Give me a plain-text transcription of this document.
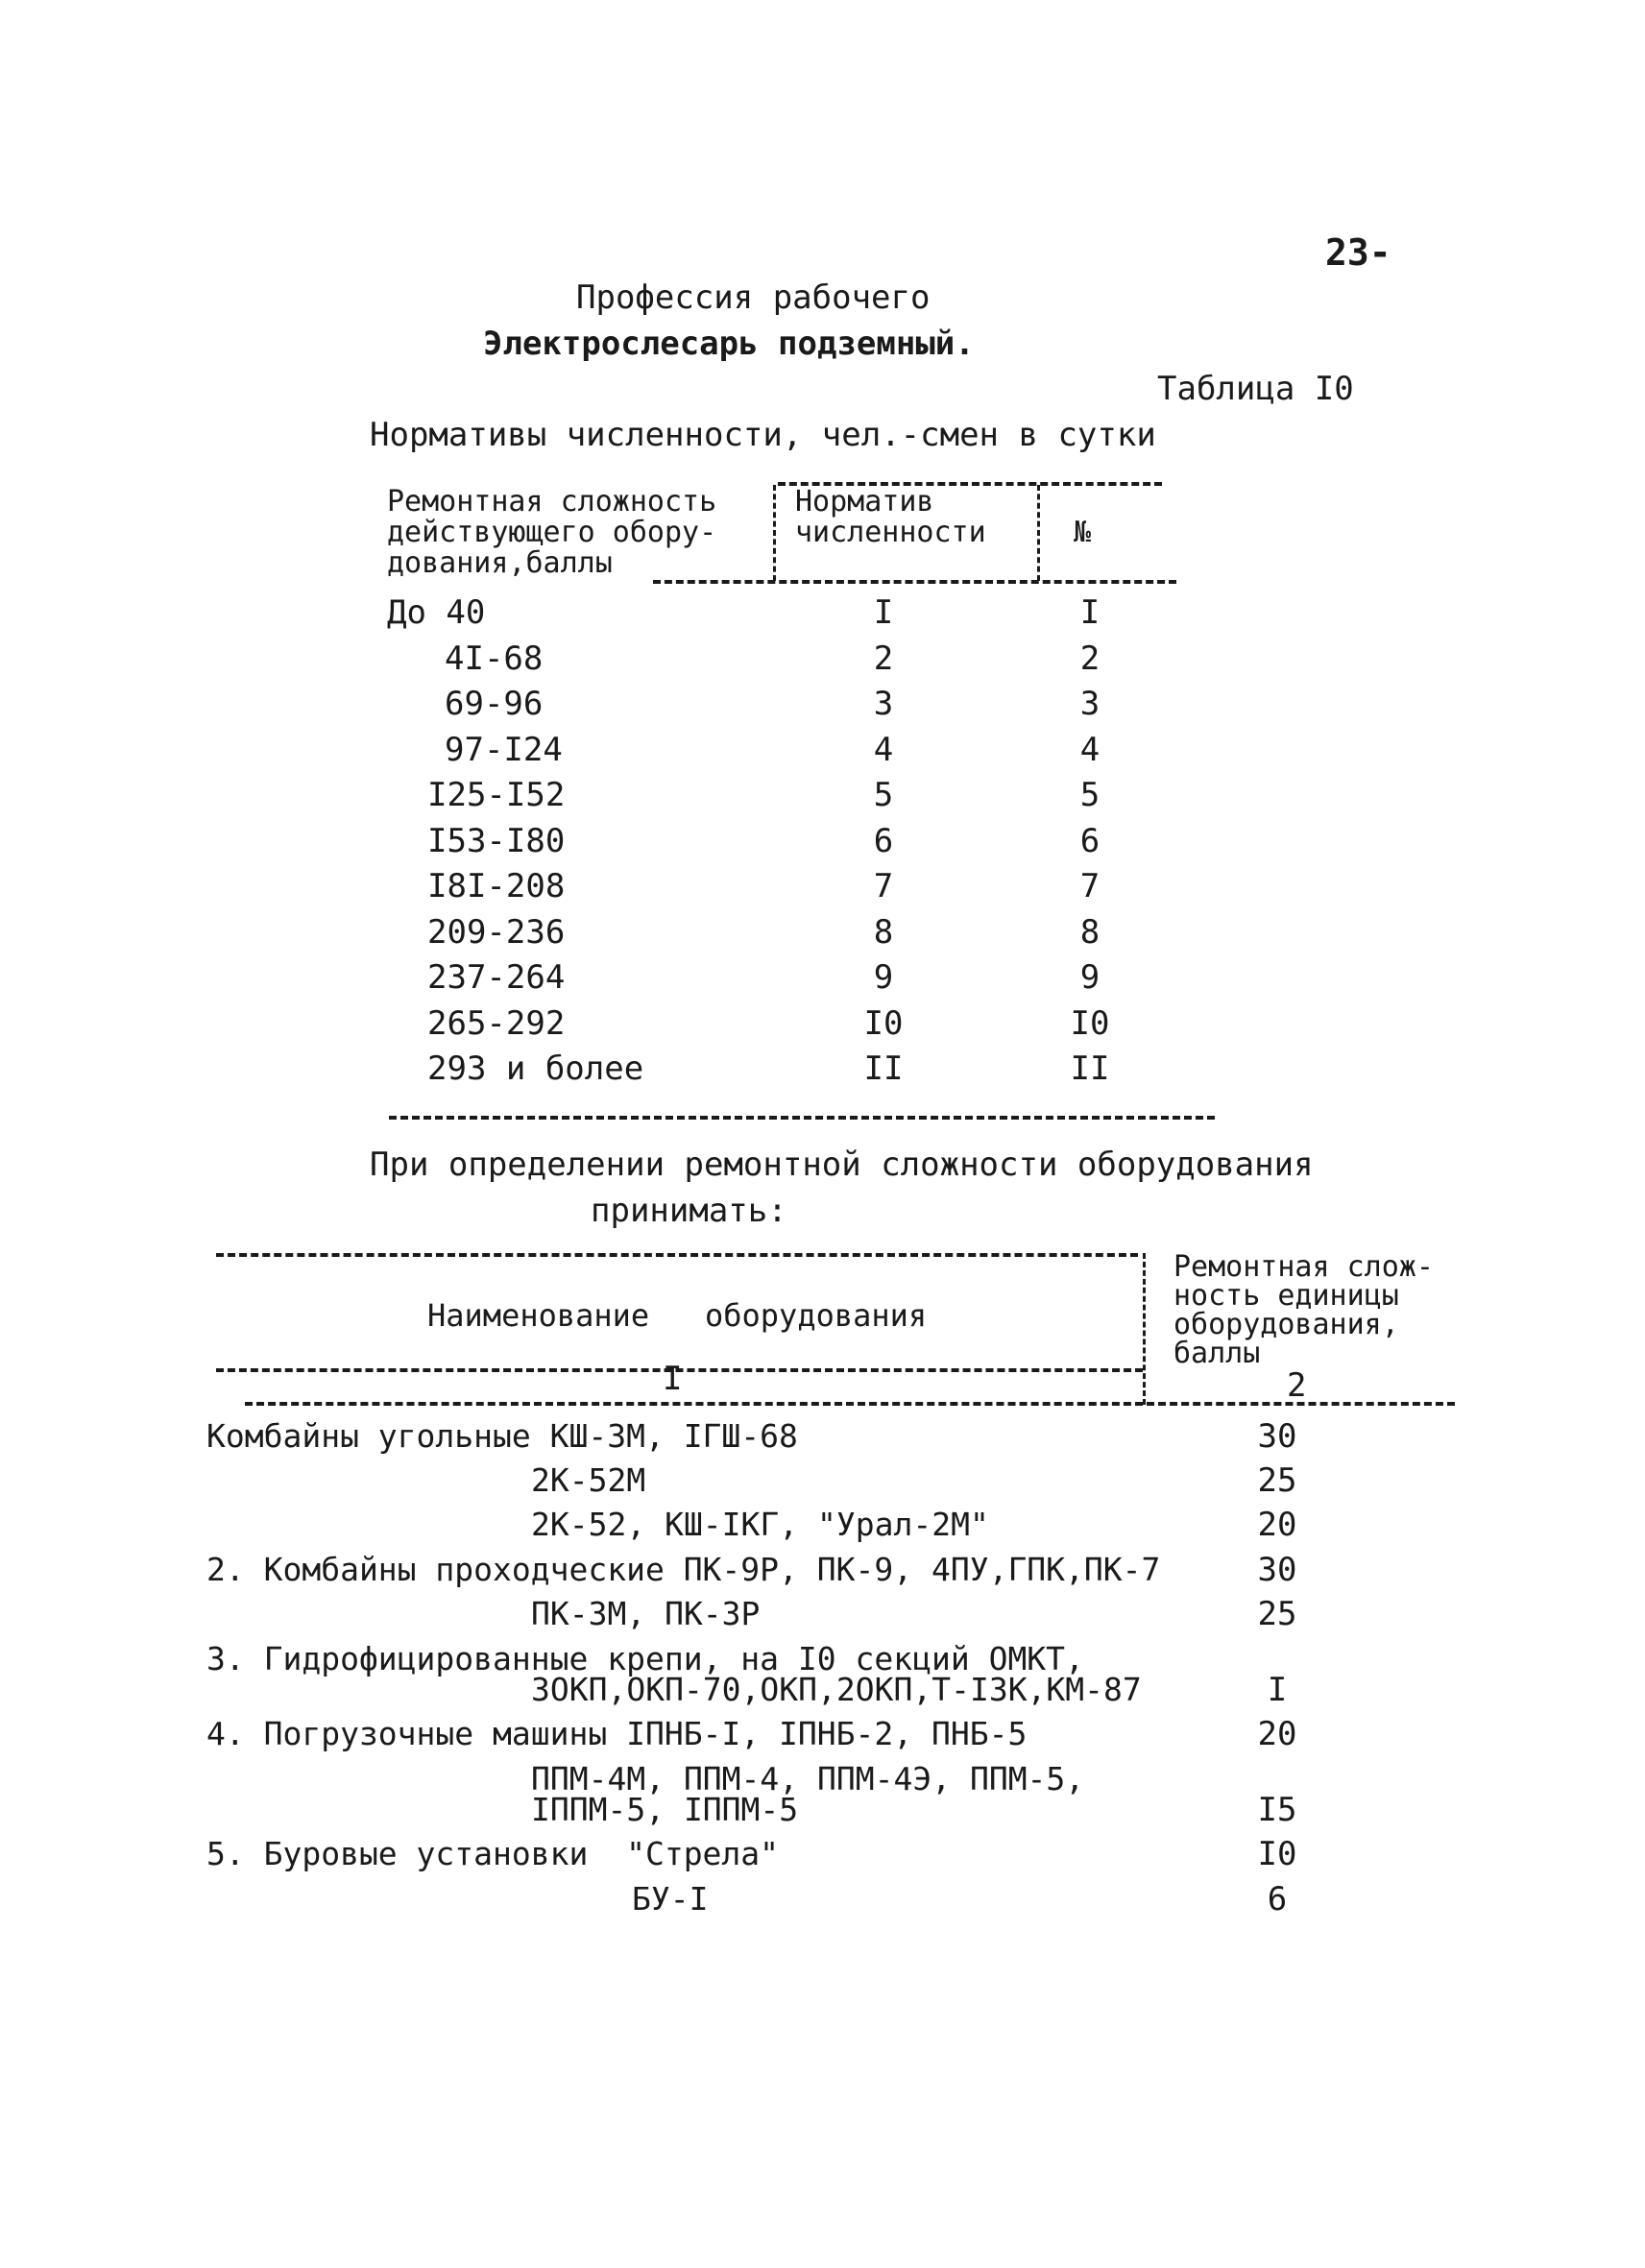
23-
Профессия рабочего
Электрослесарь подземный.
Таблица I0
Нормативы численности, чел.-смен в сутки
Ремонтная сложность
действующего обору-
дования,баллы
Норматив
численности	№
До 40	I	I
4I-68	2	2
69-96	3	3
97-I24	4	4
I25-I52	5	5
I53-I80	6	6
I8I-208	7	7
209-236	8	8
237-264	9	9
265-292	I0	I0
293 и более	II	II
При определении ремонтной сложности оборудования
принимать:
Наименование   оборудования
Ремонтная слож-
ность единицы
оборудования,
баллы
I	2
Комбайны угольные КШ-3М, IГШ-68	30
2К-52М	25
2К-52, КШ-IКГ, "Урал-2М"	20
2. Комбайны проходческие ПК-9Р, ПК-9, 4ПУ,ГПК,ПК-7	30
ПК-3М, ПК-3Р	25
3. Гидрофицированные крепи, на I0 секций ОМКТ,
3ОКП,ОКП-70,ОКП,2ОКП,Т-I3К,КМ-87	I
4. Погрузочные машины IПНБ-I, IПНБ-2, ПНБ-5	20
ППМ-4М, ППМ-4, ППМ-4Э, ППМ-5,
IППМ-5, IППМ-5	I5
5. Буровые установки  "Стрела"	I0
БУ-I	6
